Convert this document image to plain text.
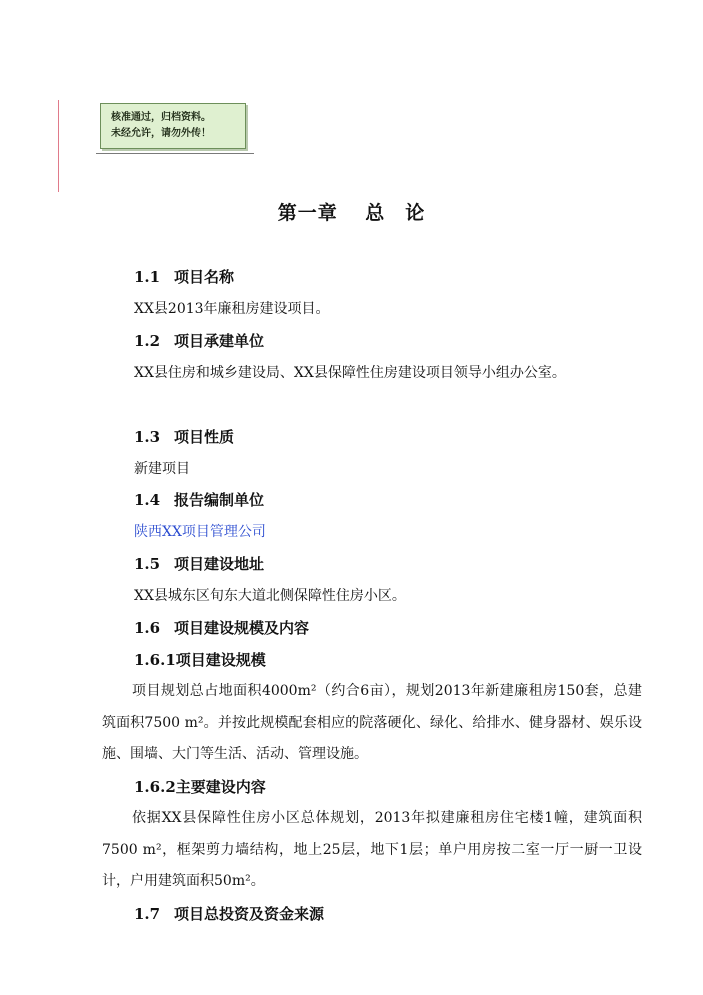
核准通过，归档资料。
未经允许，请勿外传！
第一章　 总　论
1.1 项目名称
XX县2013年廉租房建设项目。
1.2 项目承建单位
XX县住房和城乡建设局、XX县保障性住房建设项目领导小组办公室。
1.3 项目性质
新建项目
1.4 报告编制单位
陕西XX项目管理公司
1.5 项目建设地址
XX县城东区旬东大道北侧保障性住房小区。
1.6 项目建设规模及内容
1.6.1项目建设规模
项目规划总占地面积4000m²（约合6亩），规划2013年新建廉租房150套，总建筑面积7500 m²。并按此规模配套相应的院落硬化、绿化、给排水、健身器材、娱乐设施、围墙、大门等生活、活动、管理设施。
1.6.2主要建设内容
依据XX县保障性住房小区总体规划，2013年拟建廉租房住宅楼1幢，建筑面积7500 m²，框架剪力墙结构，地上25层，地下1层；单户用房按二室一厅一厨一卫设计，户用建筑面积50m²。
1.7 项目总投资及资金来源
